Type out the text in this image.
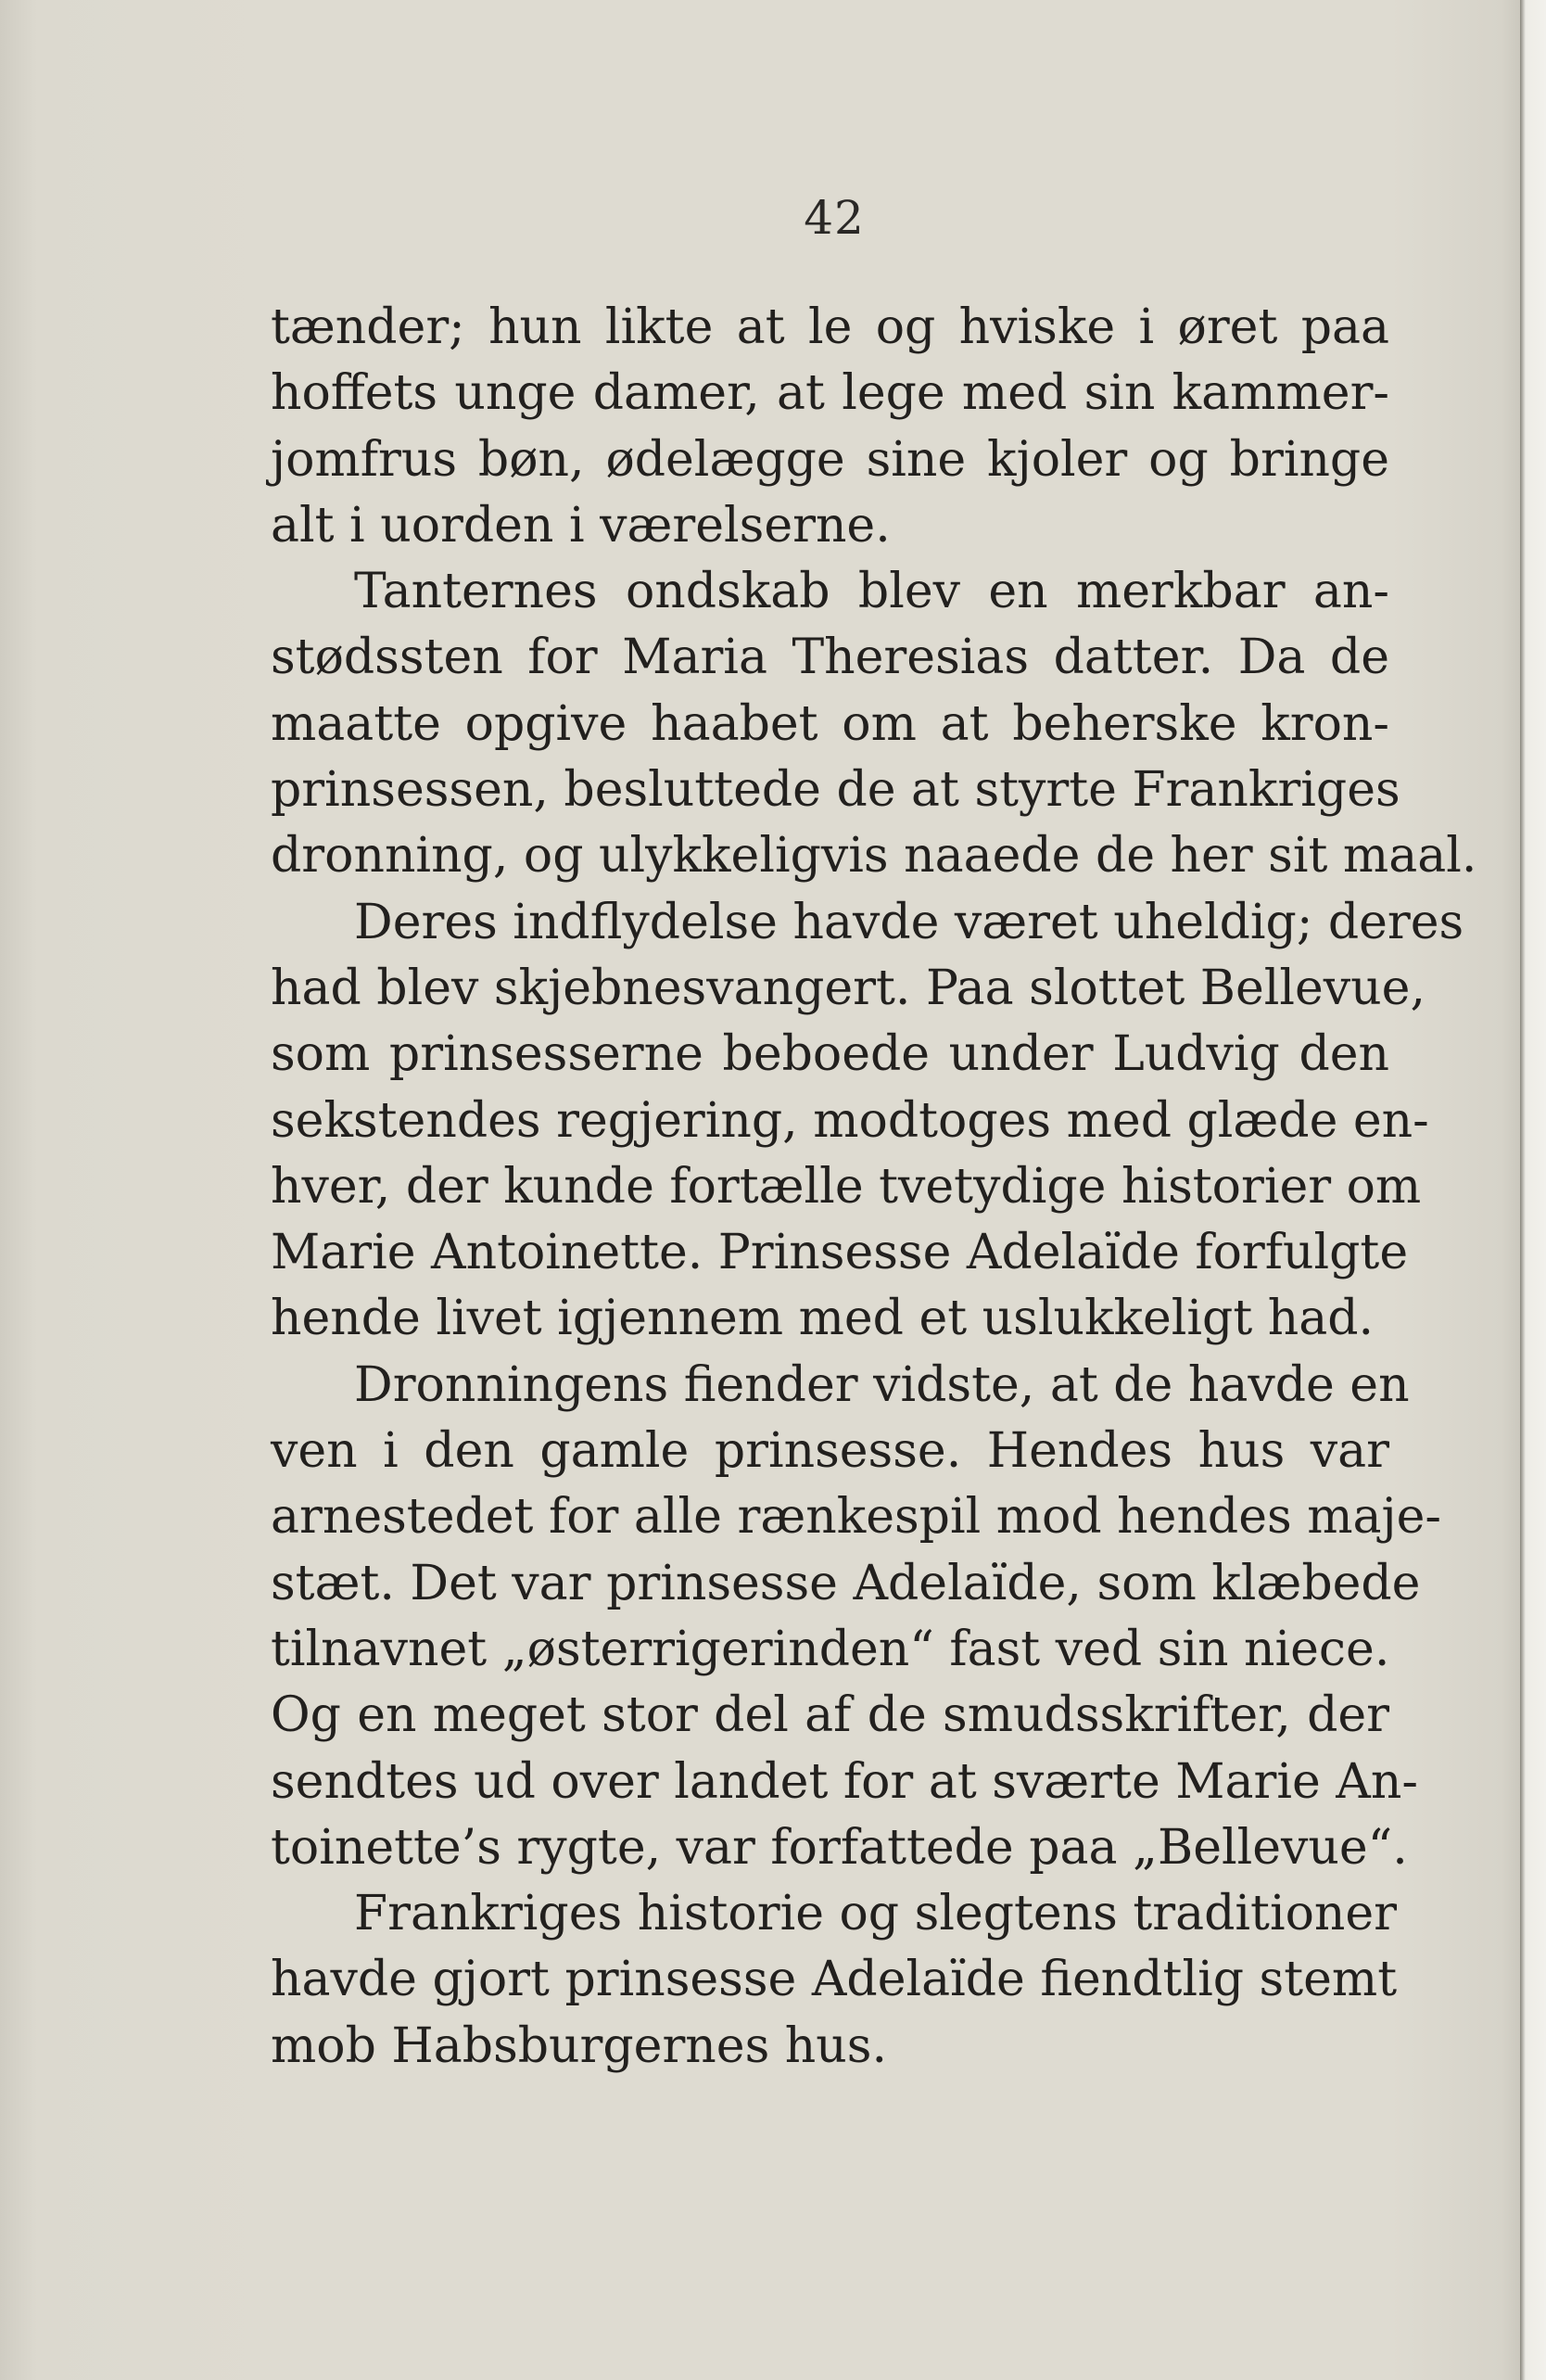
42
tænder; hun likte at le og hviske i øret paa
hoffets unge damer, at lege med sin kammer-
jomfrus bøn, ødelægge sine kjoler og bringe
alt i uorden i værelserne.
Tanternes ondskab blev en merkbar an-
stødssten for Maria Theresias datter. Da de
maatte opgive haabet om at beherske kron-
prinsessen, besluttede de at styrte Frankriges
dronning, og ulykkeligvis naaede de her sit maal.
Deres indflydelse havde været uheldig; deres
had blev skjebnesvangert. Paa slottet Bellevue,
som prinsesserne beboede under Ludvig den
sekstendes regjering, modtoges med glæde en-
hver, der kunde fortælle tvetydige historier om
Marie Antoinette. Prinsesse Adelaïde forfulgte
hende livet igjennem med et uslukkeligt had.
Dronningens fiender vidste, at de havde en
ven i den gamle prinsesse. Hendes hus var
arnestedet for alle rænkespil mod hendes maje-
stæt. Det var prinsesse Adelaïde, som klæbede
tilnavnet „østerrigerinden“ fast ved sin niece.
Og en meget stor del af de smudsskrifter, der
sendtes ud over landet for at sværte Marie An-
toinette’s rygte, var forfattede paa „Bellevue“.
Frankriges historie og slegtens traditioner
havde gjort prinsesse Adelaïde fiendtlig stemt
mob Habsburgernes hus.
